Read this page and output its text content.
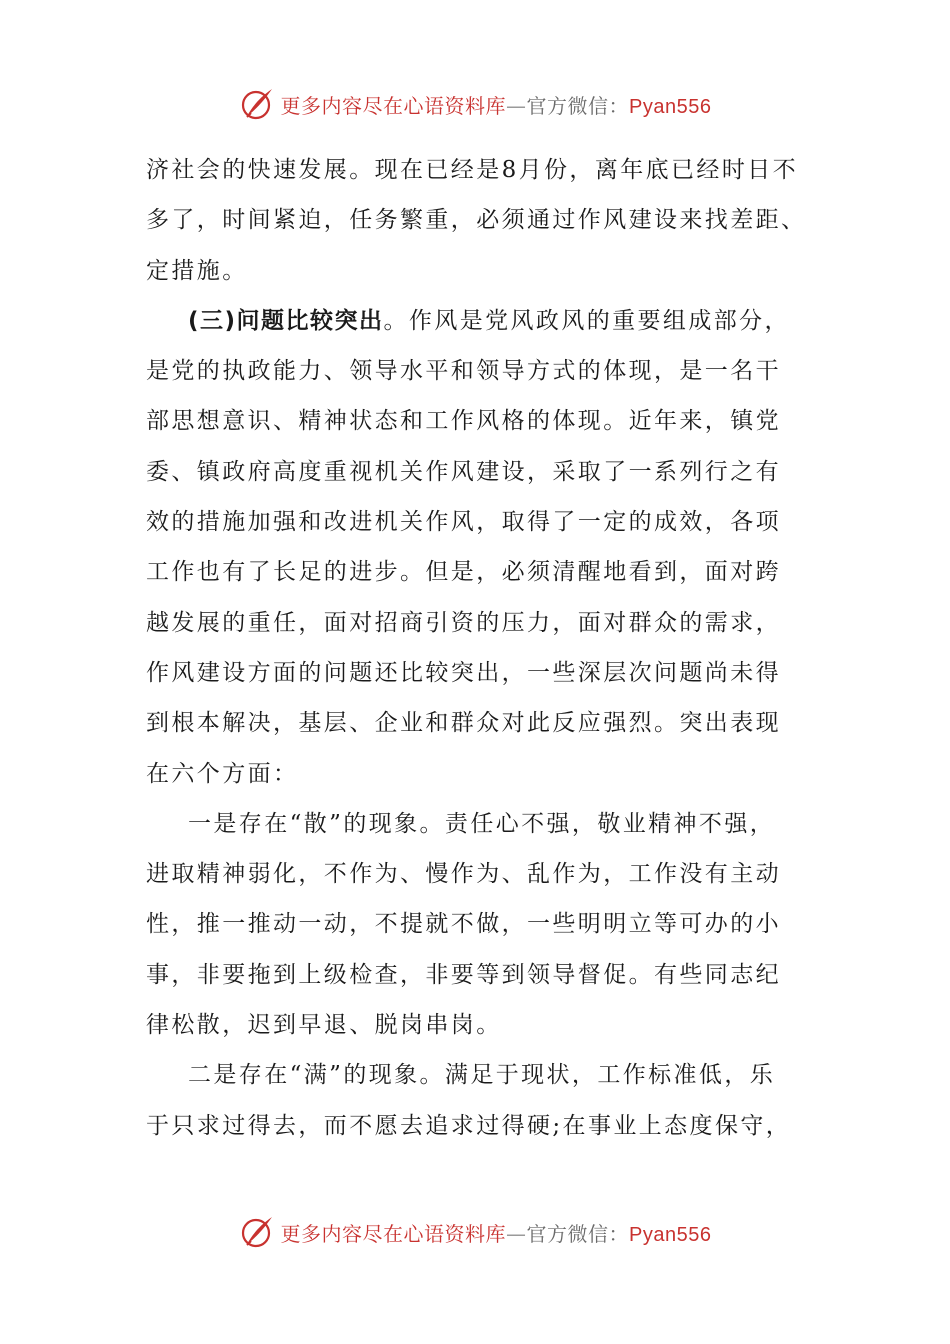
更多内容尽在心语资料库—官方微信：Pyan556

济社会的快速发展。现在已经是8月份，离年底已经时日不
多了，时间紧迫，任务繁重，必须通过作风建设来找差距、
定措施。

(三)问题比较突出。作风是党风政风的重要组成部分，
是党的执政能力、领导水平和领导方式的体现，是一名干
部思想意识、精神状态和工作风格的体现。近年来，镇党
委、镇政府高度重视机关作风建设，采取了一系列行之有
效的措施加强和改进机关作风，取得了一定的成效，各项
工作也有了长足的进步。但是，必须清醒地看到，面对跨
越发展的重任，面对招商引资的压力，面对群众的需求，
作风建设方面的问题还比较突出，一些深层次问题尚未得
到根本解决，基层、企业和群众对此反应强烈。突出表现
在六个方面：

一是存在“散”的现象。责任心不强，敬业精神不强，
进取精神弱化，不作为、慢作为、乱作为，工作没有主动
性，推一推动一动，不提就不做，一些明明立等可办的小
事，非要拖到上级检查，非要等到领导督促。有些同志纪
律松散，迟到早退、脱岗串岗。

二是存在“满”的现象。满足于现状，工作标准低，乐
于只求过得去，而不愿去追求过得硬;在事业上态度保守，

更多内容尽在心语资料库—官方微信：Pyan556
